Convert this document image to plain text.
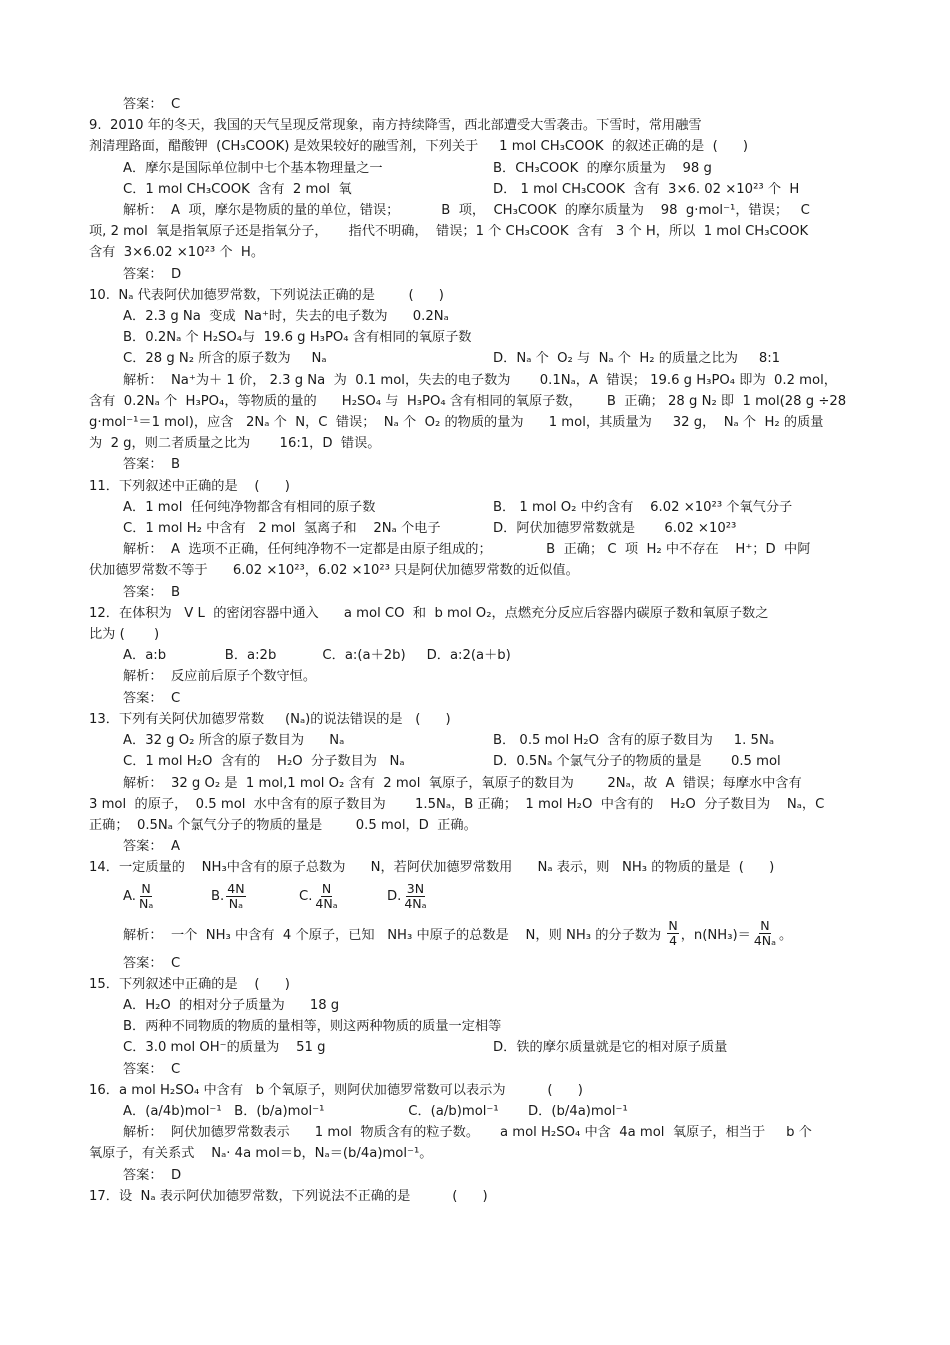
答案：  C
9.  2010 年的冬天，我国的天气呈现反常现象，南方持续降雪，西北部遭受大雪袭击。下雪时，常用融雪
剂清理路面，醋酸钾  (CH₃COOK) 是效果较好的融雪剂，下列关于     1 mol CH₃COOK  的叙述正确的是  (      )
A．摩尔是国际单位制中七个基本物理量之一	B．CH₃COOK  的摩尔质量为    98 g
C．1 mol CH₃COOK  含有  2 mol  氧	D． 1 mol CH₃COOK  含有  3×6. 02 ×10²³ 个  H
解析：  A  项，摩尔是物质的量的单位，错误；          B  项，  CH₃COOK  的摩尔质量为    98  g·mol⁻¹，错误；   C
项, 2 mol  氧是指氧原子还是指氧分子，     指代不明确，  错误；1 个 CH₃COOK  含有   3 个 H，所以  1 mol CH₃COOK
含有  3×6.02 ×10²³ 个  H。
答案：  D
10.  Nₐ 代表阿伏加德罗常数，下列说法正确的是        (      )
A．2.3 g Na  变成  Na⁺时，失去的电子数为      0.2Nₐ
B．0.2Nₐ 个 H₂SO₄与  19.6 g H₃PO₄ 含有相同的氧原子数
C．28 g N₂ 所含的原子数为     Nₐ	D．Nₐ 个  O₂ 与  Nₐ 个  H₂ 的质量之比为     8:1
解析：  Na⁺为＋ 1 价， 2.3 g Na  为  0.1 mol，失去的电子数为       0.1Nₐ，A  错误； 19.6 g H₃PO₄ 即为  0.2 mol，
含有  0.2Nₐ 个  H₃PO₄，等物质的量的      H₂SO₄ 与  H₃PO₄ 含有相同的氧原子数，      B  正确； 28 g N₂ 即  1 mol(28 g ÷28
g·mol⁻¹＝1 mol)，应含   2Nₐ 个  N，C  错误；  Nₐ 个  O₂ 的物质的量为      1 mol，其质量为     32 g，  Nₐ 个  H₂ 的质量
为  2 g，则二者质量之比为       16:1，D  错误。
答案：  B
11．下列叙述中正确的是    (      )
A．1 mol  任何纯净物都含有相同的原子数	B． 1 mol O₂ 中约含有    6.02 ×10²³ 个氧气分子
C．1 mol H₂ 中含有   2 mol  氢离子和    2Nₐ 个电子	D．阿伏加德罗常数就是       6.02 ×10²³
解析：  A  选项不正确，任何纯净物不一定都是由原子组成的；             B  正确； C  项  H₂ 中不存在    H⁺；D  中阿
伏加德罗常数不等于      6.02 ×10²³，6.02 ×10²³ 只是阿伏加德罗常数的近似值。
答案：  B
12．在体积为   V L  的密闭容器中通入      a mol CO  和  b mol O₂，点燃充分反应后容器内碳原子数和氧原子数之
比为 (       )
A．a:b              B．a:2b           C．a:(a＋2b)     D．a:2(a＋b)
解析：  反应前后原子个数守恒。
答案：  C
13．下列有关阿伏加德罗常数     (Nₐ)的说法错误的是   (      )
A．32 g O₂ 所含的原子数目为      Nₐ	B． 0.5 mol H₂O  含有的原子数目为     1. 5Nₐ
C．1 mol H₂O  含有的    H₂O  分子数目为   Nₐ	D．0.5Nₐ 个氯气分子的物质的量是       0.5 mol
解析：  32 g O₂ 是  1 mol,1 mol O₂ 含有  2 mol  氧原子，氧原子的数目为        2Nₐ，故  A  错误；每摩水中含有
3 mol  的原子，  0.5 mol  水中含有的原子数目为       1.5Nₐ，B 正确；  1 mol H₂O  中含有的    H₂O  分子数目为    Nₐ，C
正确；  0.5Nₐ 个氯气分子的物质的量是        0.5 mol，D  正确。
答案：  A
14．一定质量的    NH₃中含有的原子总数为      N，若阿伏加德罗常数用      Nₐ 表示，则   NH₃ 的物质的量是  (      )
A. $\frac{N}{\text{Nₐ}}$	B. $\frac{4N}{\text{Nₐ}}$	C. $\frac{N}{\text{4Nₐ}}$	D. $\frac{3N}{\text{4Nₐ}}$
解析：  一个  NH₃ 中含有  4 个原子，已知   NH₃ 中原子的总数是    N，则 NH₃ 的分子数为 $\frac{N}{4}$ ，$n(NH_3)= \frac{N}{\text{4Nₐ}}$ 。
答案：  C
15．下列叙述中正确的是    (      )
A．H₂O  的相对分子质量为      18 g
B．两种不同物质的物质的量相等，则这两种物质的质量一定相等
C．3.0 mol OH⁻的质量为    51 g	D．铁的摩尔质量就是它的相对原子质量
答案：  C
16．a mol H₂SO₄ 中含有   b 个氧原子，则阿伏加德罗常数可以表示为          (      )
A．(a/4b)mol⁻¹   B．(b/a)mol⁻¹                    C．(a/b)mol⁻¹       D．(b/4a)mol⁻¹
解析：  阿伏加德罗常数表示      1 mol  物质含有的粒子数。     a mol H₂SO₄ 中含  4a mol  氧原子，相当于     b 个
氧原子，有关系式    Nₐ· 4a mol＝b，Nₐ＝(b/4a)mol⁻¹。
答案：  D
17．设  Nₐ 表示阿伏加德罗常数，下列说法不正确的是          (      )
